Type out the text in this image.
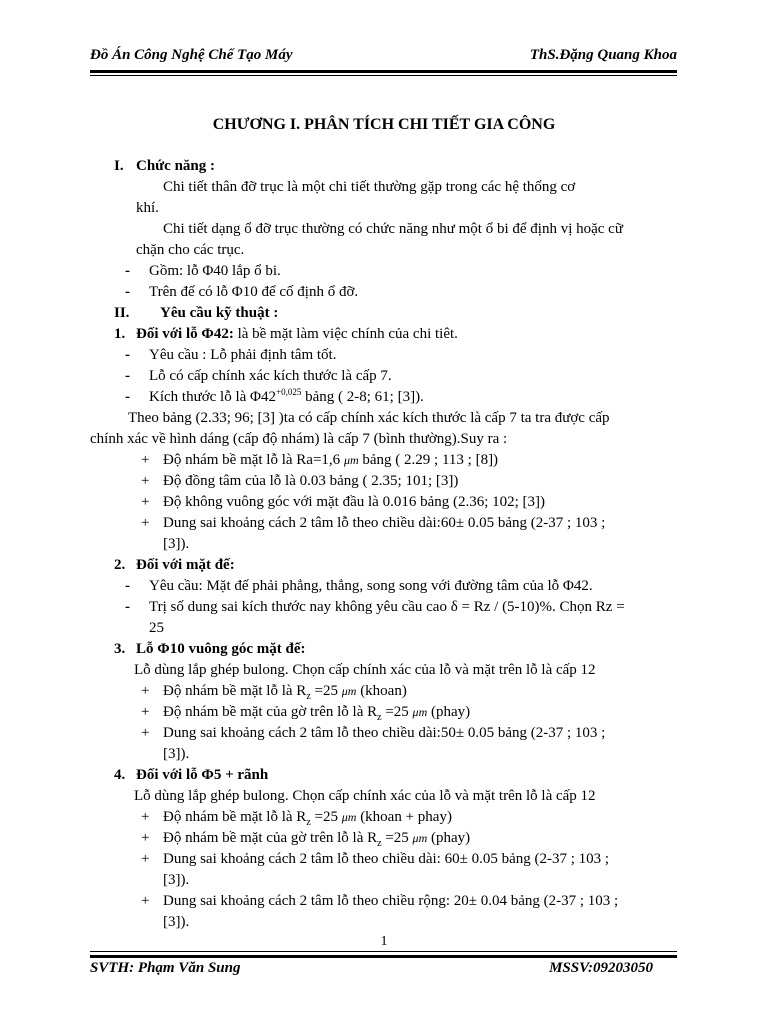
Đồ Án Công Nghệ Chế Tạo Máy	ThS.Đặng Quang Khoa
CHƯƠNG I. PHÂN TÍCH CHI TIẾT GIA CÔNG
I. Chức năng :
Chi tiết thân đỡ trục là một chi tiết thường gặp trong các hệ thống cơ
khí.
Chi tiết dạng ổ đỡ trục thường có chức năng như một ổ bi để định vị hoặc cữ
chặn cho các trục.
- Gồm: lỗ Φ40 lắp ổ bi.
- Trên đế có lỗ Φ10 để cố định ổ đỡ.
II. Yêu cầu kỹ thuật :
1. Đối với lỗ Φ42: là bề mặt làm việc chính của chi tiêt.
- Yêu cầu : Lỗ phải định tâm tốt.
- Lỗ có cấp chính xác kích thước là cấp 7.
- Kích thước lỗ là $\Phi 42^{+0,025}$ bảng ( 2-8; 61; [3]).
Theo bảng (2.33; 96; [3] )ta có cấp chính xác kích thước là cấp 7 ta tra được cấp
chính xác về hình dáng (cấp độ nhám) là cấp 7 (bình thường).Suy ra :
+ Độ nhám bề mặt lỗ là Ra=1,6 μm bảng ( 2.29 ; 113 ; [8])
+ Độ đồng tâm của lỗ là 0.03 bảng ( 2.35; 101; [3])
+ Độ không vuông góc với mặt đầu là 0.016 bảng (2.36; 102; [3])
+ Dung sai khoảng cách 2 tâm lỗ theo chiều dài:60± 0.05 bảng (2-37 ; 103 ;
[3]).
2. Đối với mặt đế:
- Yêu cầu: Mặt đế phải phẳng, thẳng, song song với đường tâm của lỗ Φ42.
- Trị số dung sai kích thước nay không yêu cầu cao δ = Rz / (5-10)%. Chọn Rz =
25
3. Lỗ Φ10 vuông góc mặt đế:
Lỗ dùng lắp ghép bulong. Chọn cấp chính xác của lỗ và mặt trên lỗ là cấp 12
+ Độ nhám bề mặt lỗ là $R_z =25$ μm (khoan)
+ Độ nhám bề mặt của gờ trên lỗ là $R_z =25$ μm (phay)
+ Dung sai khoảng cách 2 tâm lỗ theo chiều dài:50± 0.05 bảng (2-37 ; 103 ;
[3]).
4. Đối với lỗ Φ5 + rãnh
Lỗ dùng lắp ghép bulong. Chọn cấp chính xác của lỗ và mặt trên lỗ là cấp 12
+ Độ nhám bề mặt lỗ là $R_z =25$ μm (khoan + phay)
+ Độ nhám bề mặt của gờ trên lỗ là $R_z =25$ μm (phay)
+ Dung sai khoảng cách 2 tâm lỗ theo chiều dài: 60± 0.05 bảng (2-37 ; 103 ;
[3]).
+ Dung sai khoảng cách 2 tâm lỗ theo chiều rộng: 20± 0.04 bảng (2-37 ; 103 ;
[3]).
1
SVTH: Phạm Văn Sung	MSSV:09203050
